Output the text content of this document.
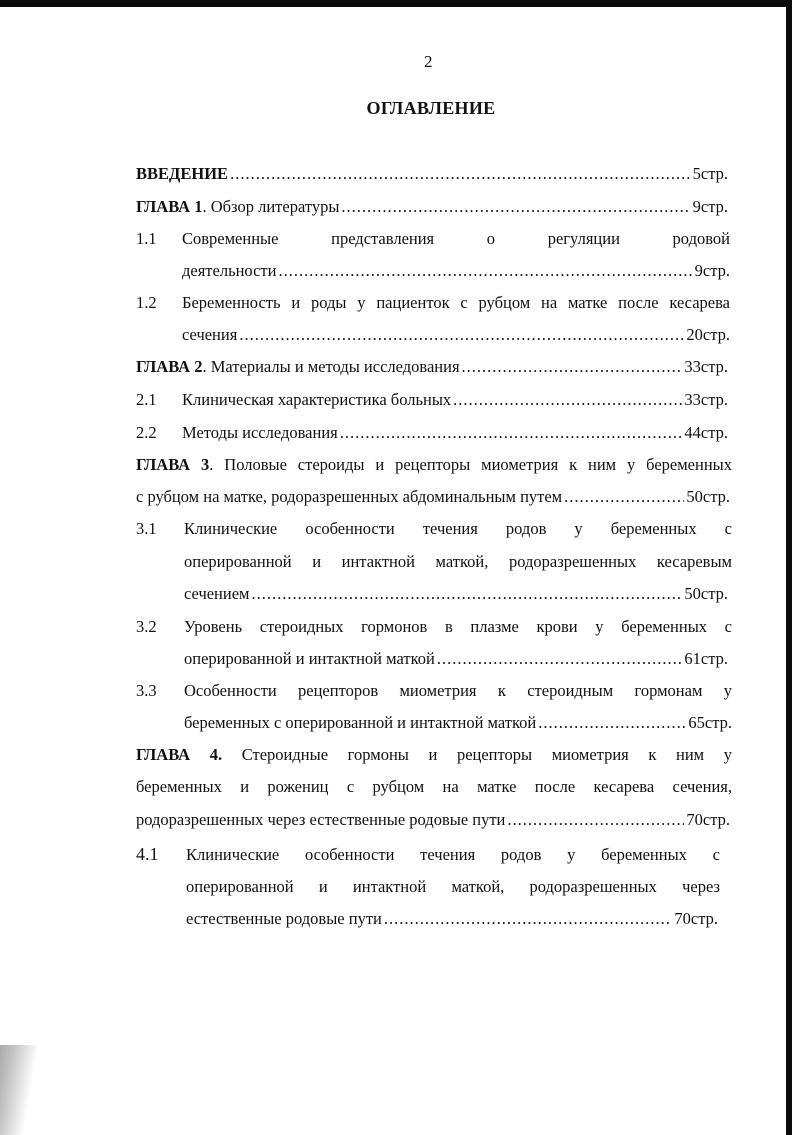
2
ОГЛАВЛЕНИЕ
ВВЕДЕНИЕ .....	5стр.
ГЛАВА 1. Обзор литературы .....	9стр.
1.1 Современные представления о регуляции родовой
деятельности .....	9стр.
1.2 Беременность и роды у пациенток с рубцом на матке после кесарева
сечения .....	20стр.
ГЛАВА 2. Материалы и методы исследования .....	33стр.
2.1 Клиническая характеристика больных .....	33стр.
2.2 Методы исследования .....	44стр.
ГЛАВА 3. Половые стероиды и рецепторы миометрия к ним у беременных
с рубцом на матке, родоразрешенных абдоминальным путем .....	50стр.
3.1 Клинические особенности течения родов у беременных с
оперированной и интактной маткой, родоразрешенных кесаревым
сечением .....	50стр.
3.2 Уровень стероидных гормонов в плазме крови у беременных с
оперированной и интактной маткой .....	61стр.
3.3 Особенности рецепторов миометрия к стероидным гормонам у
беременных с оперированной и интактной маткой .....	65стр.
ГЛАВА 4. Стероидные гормоны и рецепторы миометрия к ним у
беременных и рожениц с рубцом на матке после кесарева сечения,
родоразрешенных через естественные родовые пути .....	70стр.
4.1 Клинические особенности течения родов у беременных с
оперированной и интактной маткой, родоразрешенных через
естественные родовые пути .....	70стр.
